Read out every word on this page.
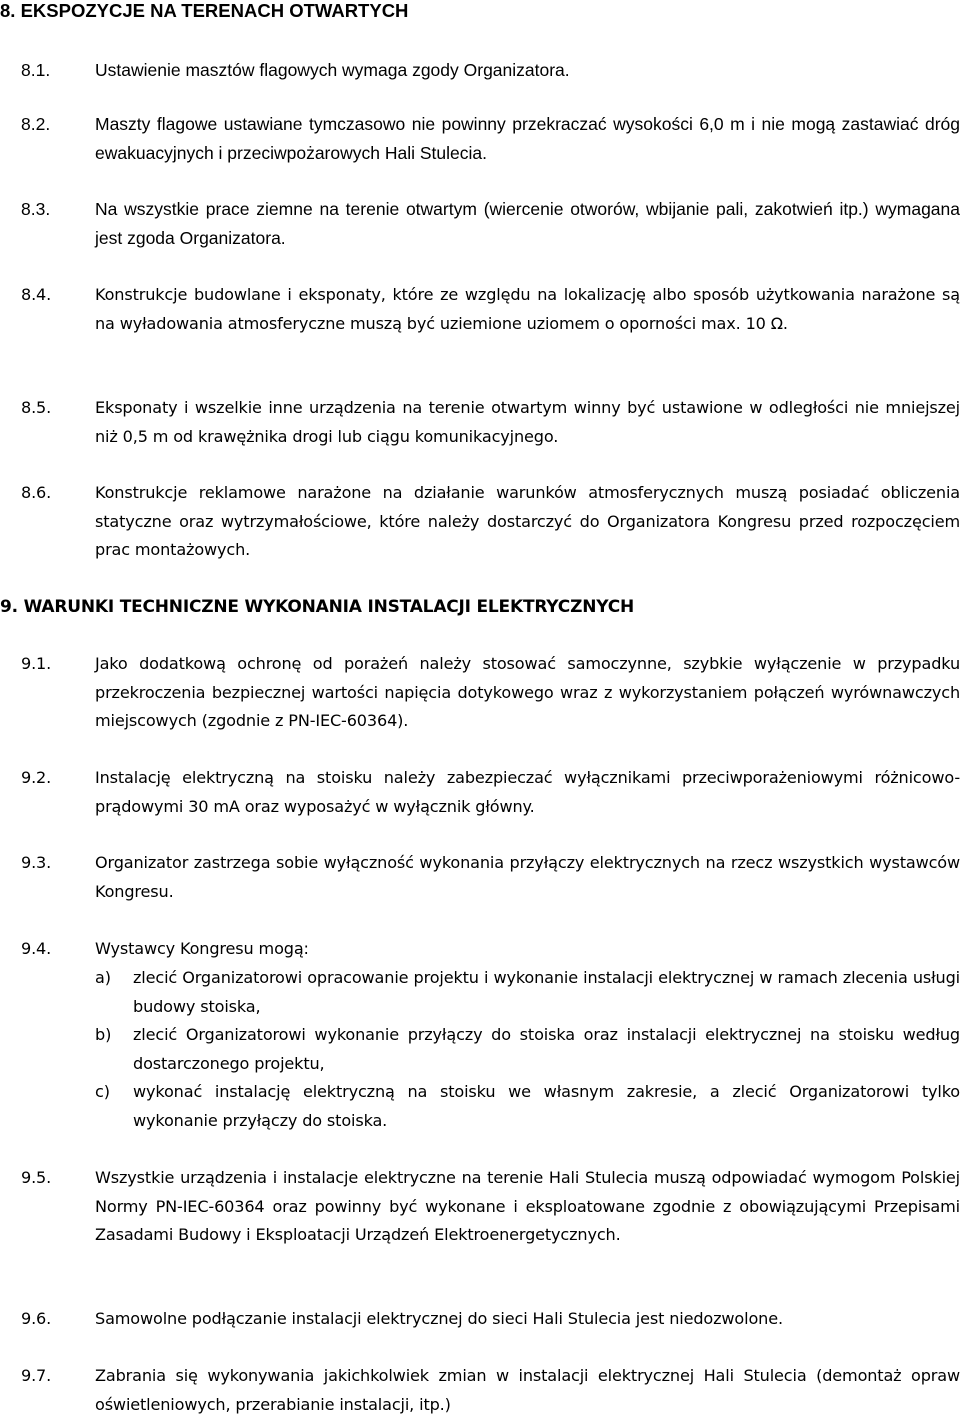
8. EKSPOZYCJE NA TERENACH OTWARTYCH
8.1.	Ustawienie masztów flagowych wymaga zgody Organizatora.
8.2.	Maszty flagowe ustawiane tymczasowo nie powinny przekraczać wysokości 6,0 m i nie mogą zastawiać dróg ewakuacyjnych i przeciwpożarowych Hali Stulecia.
8.3.	Na wszystkie prace ziemne na terenie otwartym (wiercenie otworów, wbijanie pali, zakotwień itp.) wymagana jest zgoda Organizatora.
8.4.	Konstrukcje budowlane i eksponaty, które ze względu na lokalizację albo sposób użytkowania narażone są na wyładowania atmosferyczne muszą być uziemione uziomem o oporności max. 10 Ω.
8.5.	Eksponaty i wszelkie inne urządzenia na terenie otwartym winny być ustawione w odległości nie mniejszej niż 0,5 m od krawężnika drogi lub ciągu komunikacyjnego.
8.6.	Konstrukcje reklamowe narażone na działanie warunków atmosferycznych muszą posiadać obliczenia statyczne oraz wytrzymałościowe, które należy dostarczyć do Organizatora Kongresu przed rozpoczęciem prac montażowych.
9. WARUNKI TECHNICZNE WYKONANIA INSTALACJI ELEKTRYCZNYCH
9.1.	Jako dodatkową ochronę od porażeń należy stosować samoczynne, szybkie wyłączenie w przypadku przekroczenia bezpiecznej wartości napięcia dotykowego wraz z wykorzystaniem połączeń wyrównawczych miejscowych (zgodnie z PN-IEC-60364).
9.2.	Instalację elektryczną na stoisku należy zabezpieczać wyłącznikami przeciwporażeniowymi różnicowo-prądowymi 30 mA oraz wyposażyć w wyłącznik główny.
9.3.	Organizator zastrzega sobie wyłączność wykonania przyłączy elektrycznych na rzecz wszystkich wystawców Kongresu.
9.4.	Wystawcy Kongresu mogą:
a) zlecić Organizatorowi opracowanie projektu i wykonanie instalacji elektrycznej w ramach zlecenia usługi budowy stoiska,
b) zlecić Organizatorowi wykonanie przyłączy do stoiska oraz instalacji elektrycznej na stoisku według dostarczonego projektu,
c) wykonać instalację elektryczną na stoisku we własnym zakresie, a zlecić Organizatorowi tylko wykonanie przyłączy do stoiska.
9.5.	Wszystkie urządzenia i instalacje elektryczne na terenie Hali Stulecia muszą odpowiadać wymogom Polskiej Normy PN-IEC-60364 oraz powinny być wykonane i eksploatowane zgodnie z obowiązującymi Przepisami Zasadami Budowy i Eksploatacji Urządzeń Elektroenergetycznych.
9.6.	Samowolne podłączanie instalacji elektrycznej do sieci Hali Stulecia jest niedozwolone.
9.7.	Zabrania się wykonywania jakichkolwiek zmian w instalacji elektrycznej Hali Stulecia (demontaż opraw oświetleniowych, przerabianie instalacji, itp.)
